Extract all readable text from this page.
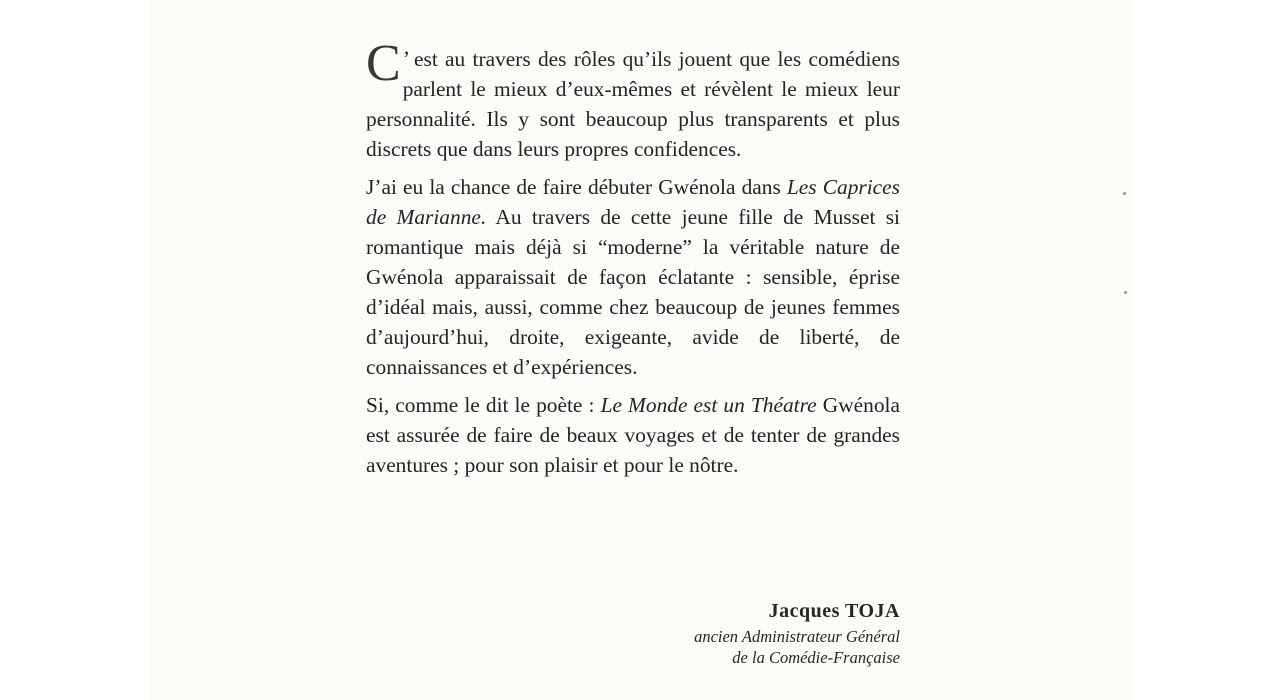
C ’ est au travers des rôles qu’ils jouent que les comédiens parlent le mieux d’eux-mêmes et révèlent le mieux leur personnalité. Ils y sont beaucoup plus transparents et plus discrets que dans leurs propres confidences.

J’ai eu la chance de faire débuter Gwénola dans Les Caprices de Marianne. Au travers de cette jeune fille de Musset si romantique mais déjà si “moderne” la véritable nature de Gwénola apparaissait de façon éclatante : sensible, éprise d’idéal mais, aussi, comme chez beaucoup de jeunes femmes d’aujourd’hui, droite, exigeante, avide de liberté, de connaissances et d’expériences.

Si, comme le dit le poète : Le Monde est un Théatre Gwénola est assurée de faire de beaux voyages et de tenter de grandes aventures ; pour son plaisir et pour le nôtre.

Jacques TOJA
ancien Administrateur Général
de la Comédie-Française
